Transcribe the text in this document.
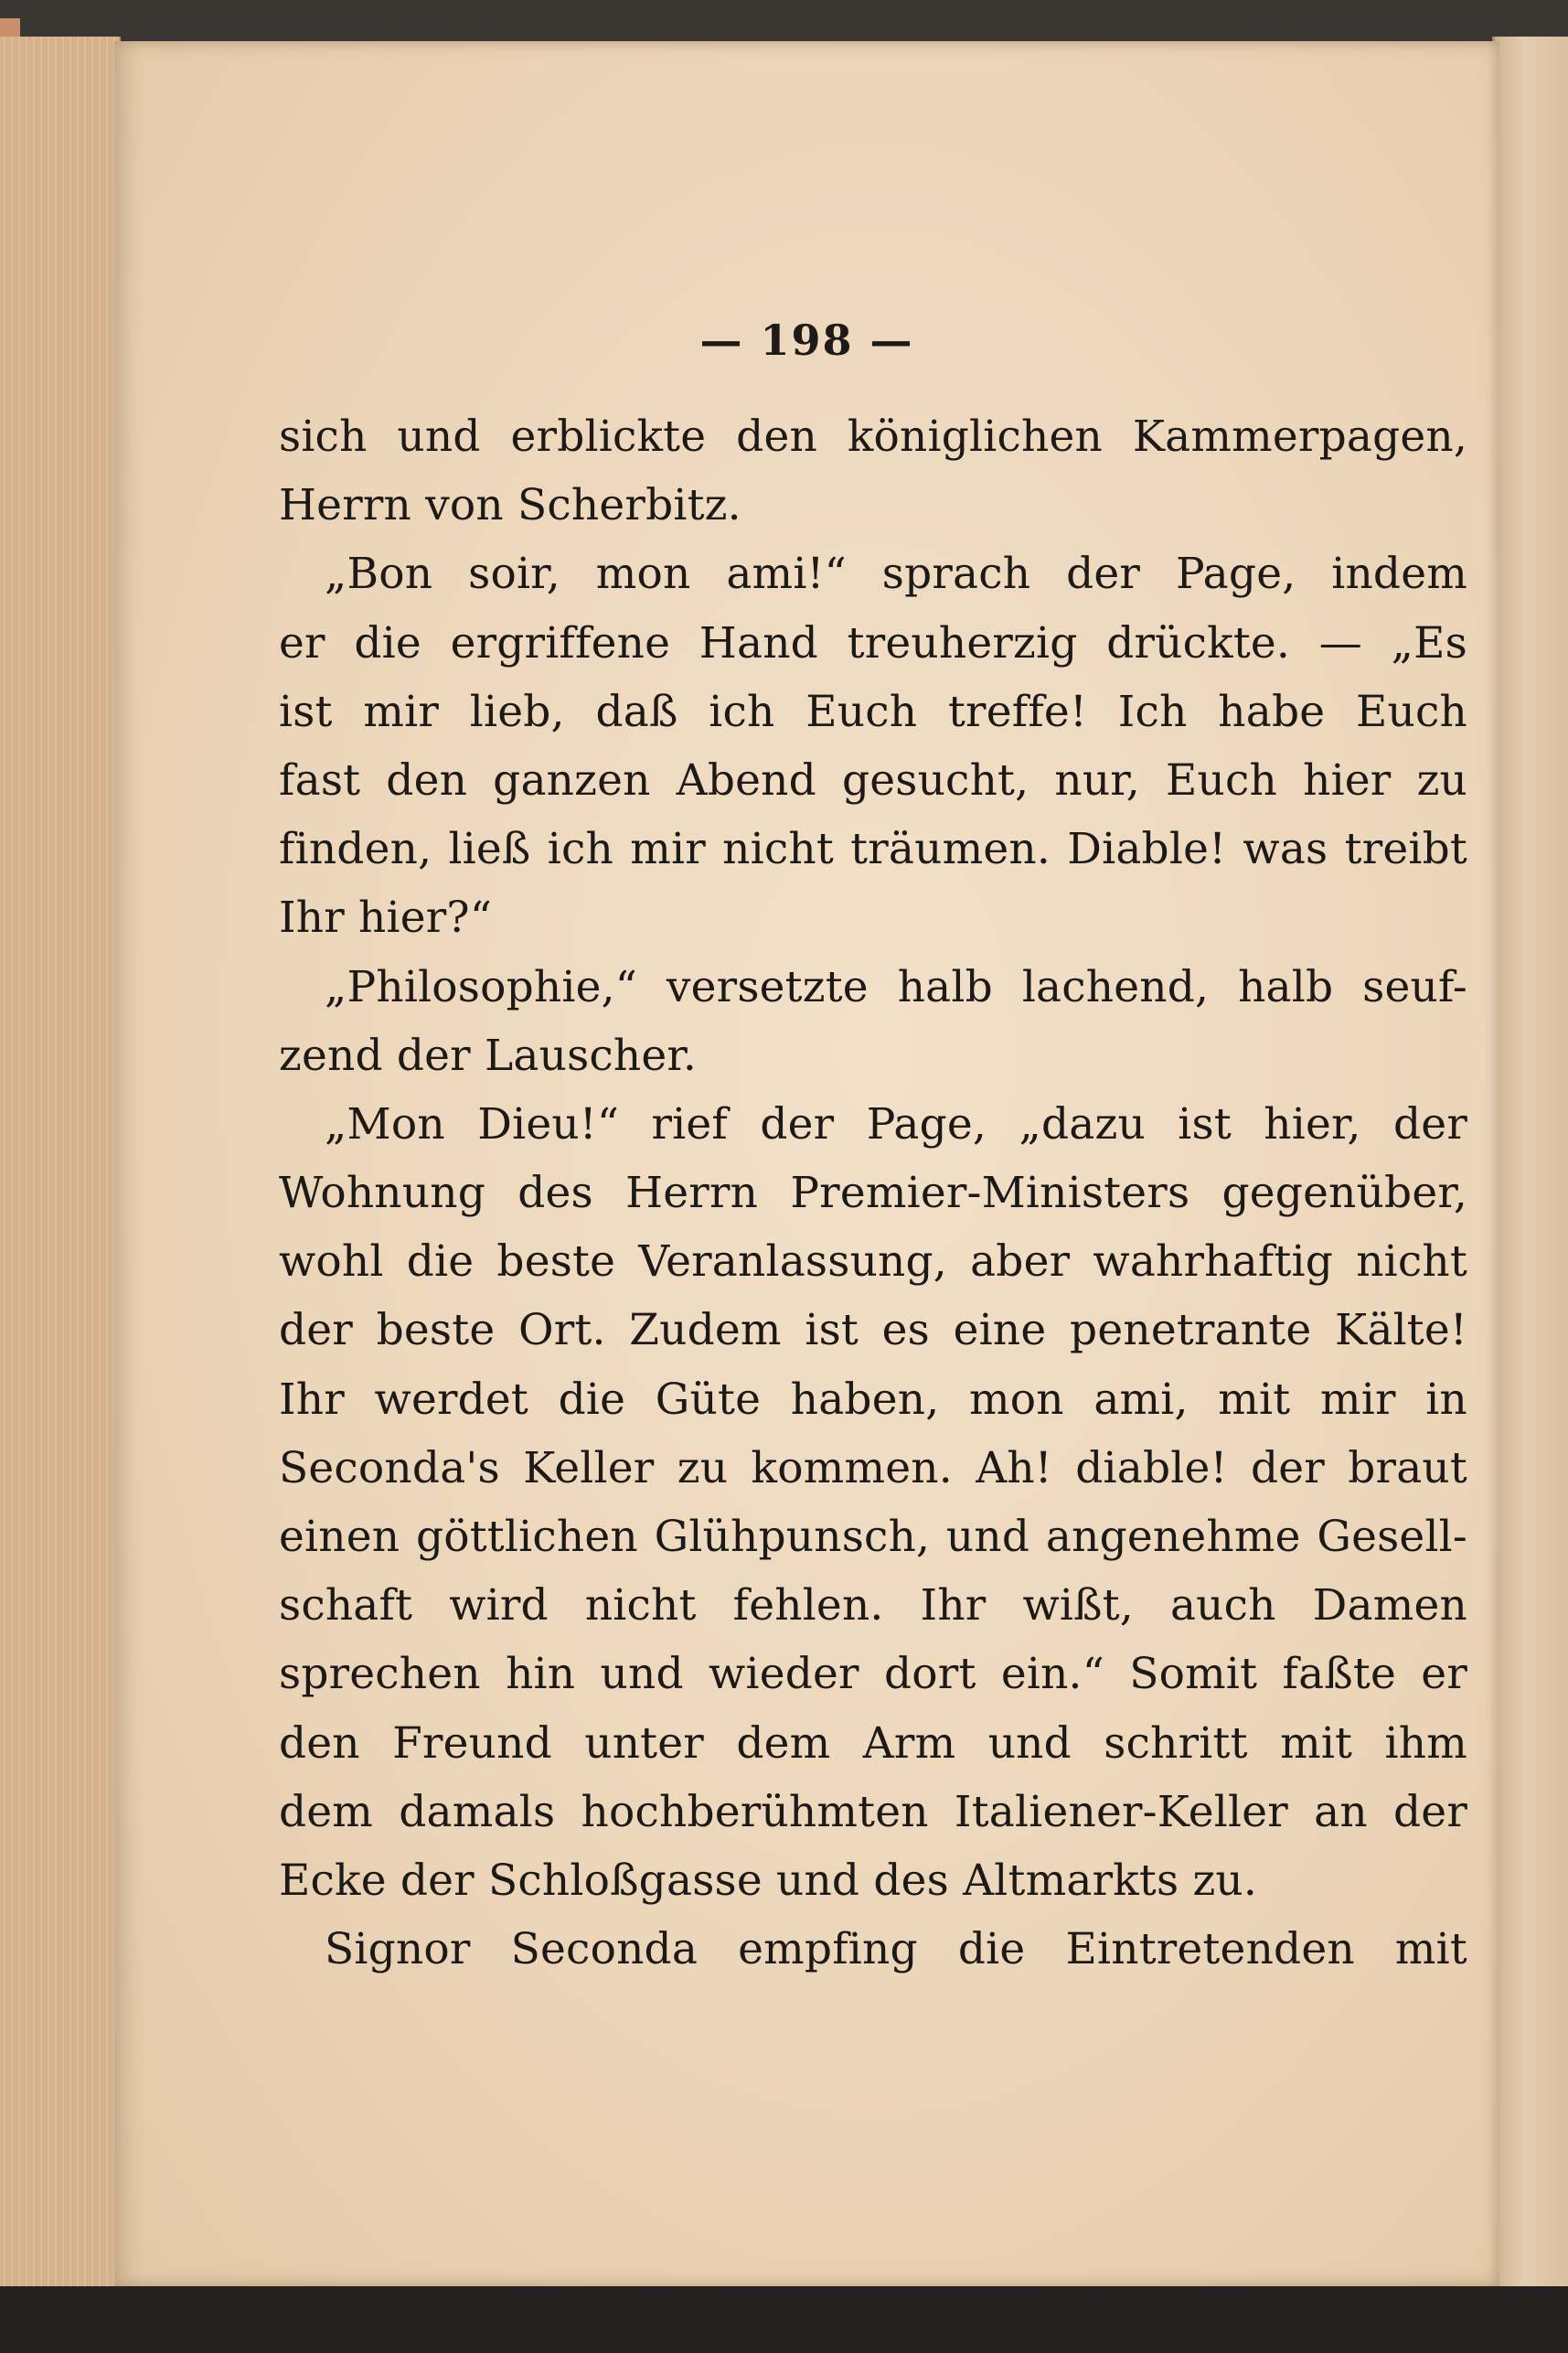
— 198 —
sich und erblickte den königlichen Kammerpagen,
Herrn von Scherbitz.
„Bon soir, mon ami!“ sprach der Page, indem
er die ergriffene Hand treuherzig drückte. — „Es
ist mir lieb, daß ich Euch treffe! Ich habe Euch
fast den ganzen Abend gesucht, nur, Euch hier zu
finden, ließ ich mir nicht träumen. Diable! was treibt
Ihr hier?“
„Philosophie,“ versetzte halb lachend, halb seuf-
zend der Lauscher.
„Mon Dieu!“ rief der Page, „dazu ist hier, der
Wohnung des Herrn Premier-Ministers gegenüber,
wohl die beste Veranlassung, aber wahrhaftig nicht
der beste Ort. Zudem ist es eine penetrante Kälte!
Ihr werdet die Güte haben, mon ami, mit mir in
Seconda's Keller zu kommen. Ah! diable! der braut
einen göttlichen Glühpunsch, und angenehme Gesell-
schaft wird nicht fehlen. Ihr wißt, auch Damen
sprechen hin und wieder dort ein.“ Somit faßte er
den Freund unter dem Arm und schritt mit ihm
dem damals hochberühmten Italiener-Keller an der
Ecke der Schloßgasse und des Altmarkts zu.
Signor Seconda empfing die Eintretenden mit
